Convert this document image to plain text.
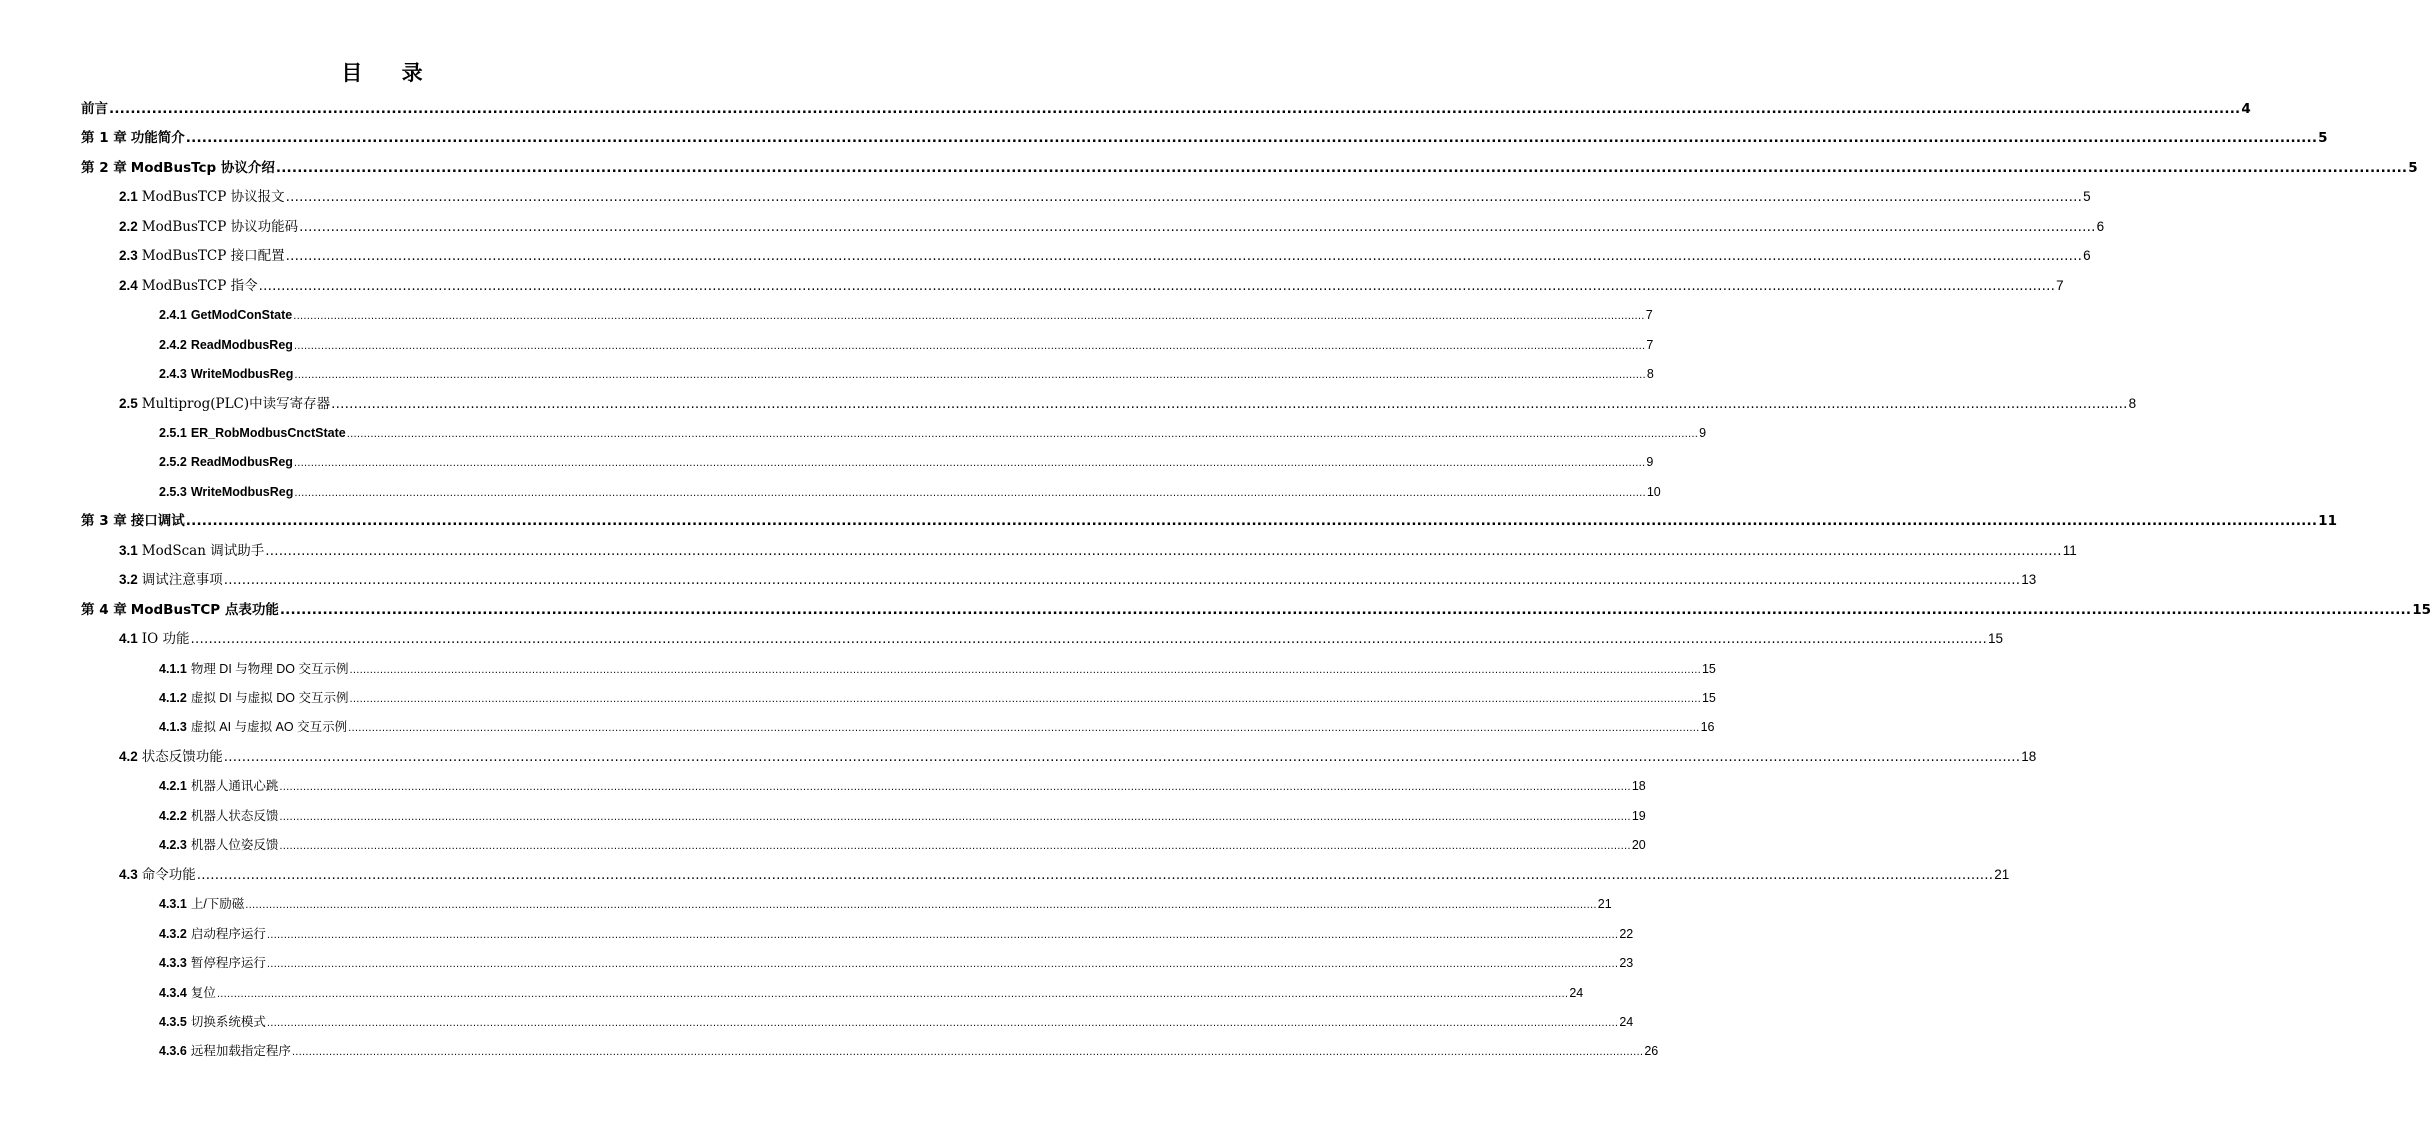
目 录
前言 ................................................................................................................................................................................................................................................................................................................................................................................................................ 4
第 1 章 功能简介 ................................................................................................................................................................................................................................................................................................................................................................................................................ 5
第 2 章 ModBusTcp 协议介绍 ................................................................................................................................................................................................................................................................................................................................................................................................................ 5
2.1 ModBusTCP 协议报文 ................................................................................................................................................................................................................................................................................................................................................................................................................ 5
2.2 ModBusTCP 协议功能码 ................................................................................................................................................................................................................................................................................................................................................................................................................ 6
2.3 ModBusTCP 接口配置 ................................................................................................................................................................................................................................................................................................................................................................................................................ 6
2.4 ModBusTCP 指令 ................................................................................................................................................................................................................................................................................................................................................................................................................ 7
2.4.1 GetModConState ................................................................................................................................................................................................................................................................................................................................................................................................................ 7
2.4.2 ReadModbusReg ................................................................................................................................................................................................................................................................................................................................................................................................................ 7
2.4.3 WriteModbusReg ................................................................................................................................................................................................................................................................................................................................................................................................................ 8
2.5 Multiprog(PLC)中读写寄存器 ................................................................................................................................................................................................................................................................................................................................................................................................................ 8
2.5.1 ER_RobModbusCnctState ................................................................................................................................................................................................................................................................................................................................................................................................................ 9
2.5.2 ReadModbusReg ................................................................................................................................................................................................................................................................................................................................................................................................................ 9
2.5.3 WriteModbusReg ................................................................................................................................................................................................................................................................................................................................................................................................................ 10
第 3 章 接口调试 ................................................................................................................................................................................................................................................................................................................................................................................................................ 11
3.1 ModScan 调试助手 ................................................................................................................................................................................................................................................................................................................................................................................................................ 11
3.2 调试注意事项 ................................................................................................................................................................................................................................................................................................................................................................................................................ 13
第 4 章 ModBusTCP 点表功能 ................................................................................................................................................................................................................................................................................................................................................................................................................ 15
4.1 IO 功能 ................................................................................................................................................................................................................................................................................................................................................................................................................ 15
4.1.1 物理 DI 与物理 DO 交互示例 ................................................................................................................................................................................................................................................................................................................................................................................................................ 15
4.1.2 虚拟 DI 与虚拟 DO 交互示例 ................................................................................................................................................................................................................................................................................................................................................................................................................ 15
4.1.3 虚拟 AI 与虚拟 AO 交互示例 ................................................................................................................................................................................................................................................................................................................................................................................................................ 16
4.2 状态反馈功能 ................................................................................................................................................................................................................................................................................................................................................................................................................ 18
4.2.1 机器人通讯心跳 ................................................................................................................................................................................................................................................................................................................................................................................................................ 18
4.2.2 机器人状态反馈 ................................................................................................................................................................................................................................................................................................................................................................................................................ 19
4.2.3 机器人位姿反馈 ................................................................................................................................................................................................................................................................................................................................................................................................................ 20
4.3 命令功能 ................................................................................................................................................................................................................................................................................................................................................................................................................ 21
4.3.1 上/下励磁 ................................................................................................................................................................................................................................................................................................................................................................................................................ 21
4.3.2 启动程序运行 ................................................................................................................................................................................................................................................................................................................................................................................................................ 22
4.3.3 暂停程序运行 ................................................................................................................................................................................................................................................................................................................................................................................................................ 23
4.3.4 复位 ................................................................................................................................................................................................................................................................................................................................................................................................................ 24
4.3.5 切换系统模式 ................................................................................................................................................................................................................................................................................................................................................................................................................ 24
4.3.6 远程加载指定程序 ................................................................................................................................................................................................................................................................................................................................................................................................................ 26
